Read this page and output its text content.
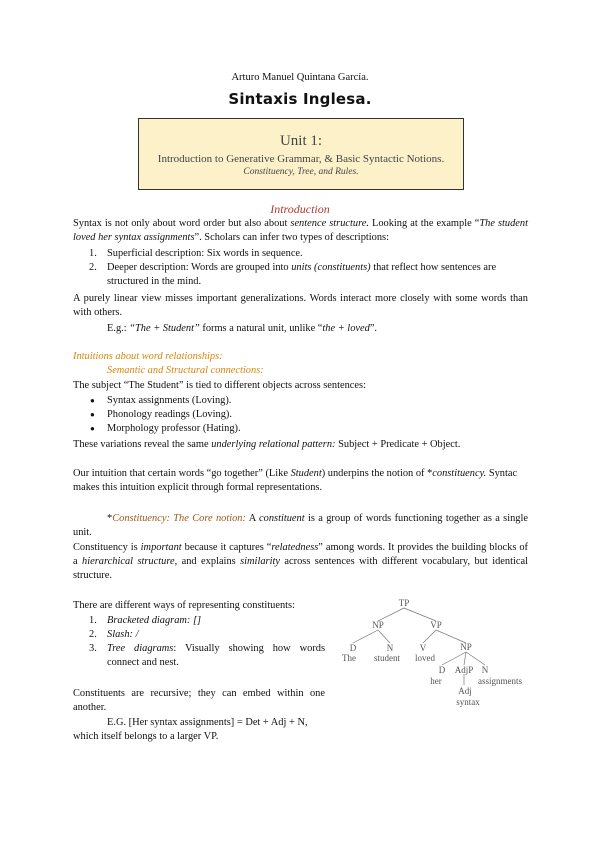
Arturo Manuel Quintana García.
Sintaxis Inglesa.
Unit 1:
Introduction to Generative Grammar, & Basic Syntactic Notions.
Constituency, Tree, and Rules.
Introduction
Syntax is not only about word order but also about sentence structure. Looking at the example “The student loved her syntax assignments”. Scholars can infer two types of descriptions:
1. Superficial description: Six words in sequence.
2. Deeper description: Words are grouped into units (constituents) that reflect how sentences are structured in the mind.
A purely linear view misses important generalizations. Words interact more closely with some words than with others.
E.g.: “The + Student” forms a natural unit, unlike “the + loved”.
Intuitions about word relationships:
Semantic and Structural connections:
The subject “The Student” is tied to different objects across sentences:
● Syntax assignments (Loving).
● Phonology readings (Loving).
● Morphology professor (Hating).
These variations reveal the same underlying relational pattern: Subject + Predicate + Object.
Our intuition that certain words “go together” (Like Student) underpins the notion of *constituency. Syntac makes this intuition explicit through formal representations.
*Constituency: The Core notion: A constituent is a group of words functioning together as a single unit.
Constituency is important because it captures “relatedness” among words. It provides the building blocks of a hierarchical structure, and explains similarity across sentences with different vocabulary, but identical structure.
There are different ways of representing constituents:
1. Bracketed diagram: []
2. Slash: /
3. Tree diagrams: Visually showing how words connect and nest.
Constituents are recursive; they can embed within one another.
E.G. [Her syntax assignments] = Det + Adj + N,
which itself belongs to a larger VP.
TP
NP	VP
D	N	V	NP
The student loved
D AdjP N
her	assignments
Adj
syntax
